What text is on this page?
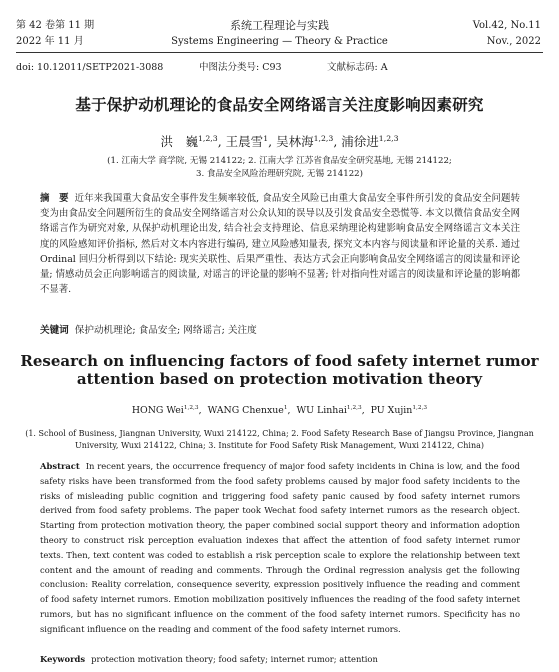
第 42 卷第 11 期
2022 年 11 月
系统工程理论与实践
Systems Engineering — Theory & Practice
Vol.42, No.11
Nov., 2022
doi: 10.12011/SETP2021-3088	中图法分类号: C93	文献标志码: A
基于保护动机理论的食品安全网络谣言关注度影响因素研究
洪　巍$^{1,2,3}$, 王晨雪$^1$, 吴林海$^{1,2,3}$, 浦徐进$^{1,2,3}$
(1. 江南大学 商学院, 无锡 214122; 2. 江南大学 江苏省食品安全研究基地, 无锡 214122;
3. 食品安全风险治理研究院, 无锡 214122)
摘　要 近年来我国重大食品安全事件发生频率较低, 食品安全风险已由重大食品安全事件所引发的食品安全问题转变为由食品安全问题所衍生的食品安全网络谣言对公众认知的误导以及引发食品安全恐慌等. 本文以微信食品安全网络谣言作为研究对象, 从保护动机理论出发, 结合社会支持理论、信息采纳理论构建影响食品安全网络谣言文本关注度的风险感知评价指标, 然后对文本内容进行编码, 建立风险感知量表, 探究文本内容与阅读量和评论量的关系. 通过 Ordinal 回归分析得到以下结论: 现实关联性、后果严重性、表达方式会正向影响食品安全网络谣言的阅读量和评论量; 情感动员会正向影响谣言的阅读量, 对谣言的评论量的影响不显著; 针对指向性对谣言的阅读量和评论量的影响都不显著.
关键词 保护动机理论; 食品安全; 网络谣言; 关注度
Research on influencing factors of food safety internet rumor
attention based on protection motivation theory
HONG Wei$^{1,2,3}$,  WANG Chenxue$^1$,  WU Linhai$^{1,2,3}$,  PU Xujin$^{1,2,3}$
(1. School of Business, Jiangnan University, Wuxi 214122, China; 2. Food Safety Research Base of Jiangsu Province, Jiangnan
University, Wuxi 214122, China; 3. Institute for Food Safety Risk Management, Wuxi 214122, China)
Abstract In recent years, the occurrence frequency of major food safety incidents in China is low, and the food safety risks have been transformed from the food safety problems caused by major food safety incidents to the risks of misleading public cognition and triggering food safety panic caused by food safety internet rumors derived from food safety problems. The paper took Wechat food safety internet rumors as the research object. Starting from protection motivation theory, the paper combined social support theory and information adoption theory to construct risk perception evaluation indexes that affect the attention of food safety internet rumor texts. Then, text content was coded to establish a risk perception scale to explore the relationship between text content and the amount of reading and comments. Through the Ordinal regression analysis get the following conclusion: Reality correlation, consequence severity, expression positively influence the reading and comment of food safety internet rumors. Emotion mobilization positively influences the reading of the food safety internet rumors, but has no significant influence on the comment of the food safety internet rumors. Specificity has no significant influence on the reading and comment of the food safety internet rumors.
Keywords protection motivation theory; food safety; internet rumor; attention
